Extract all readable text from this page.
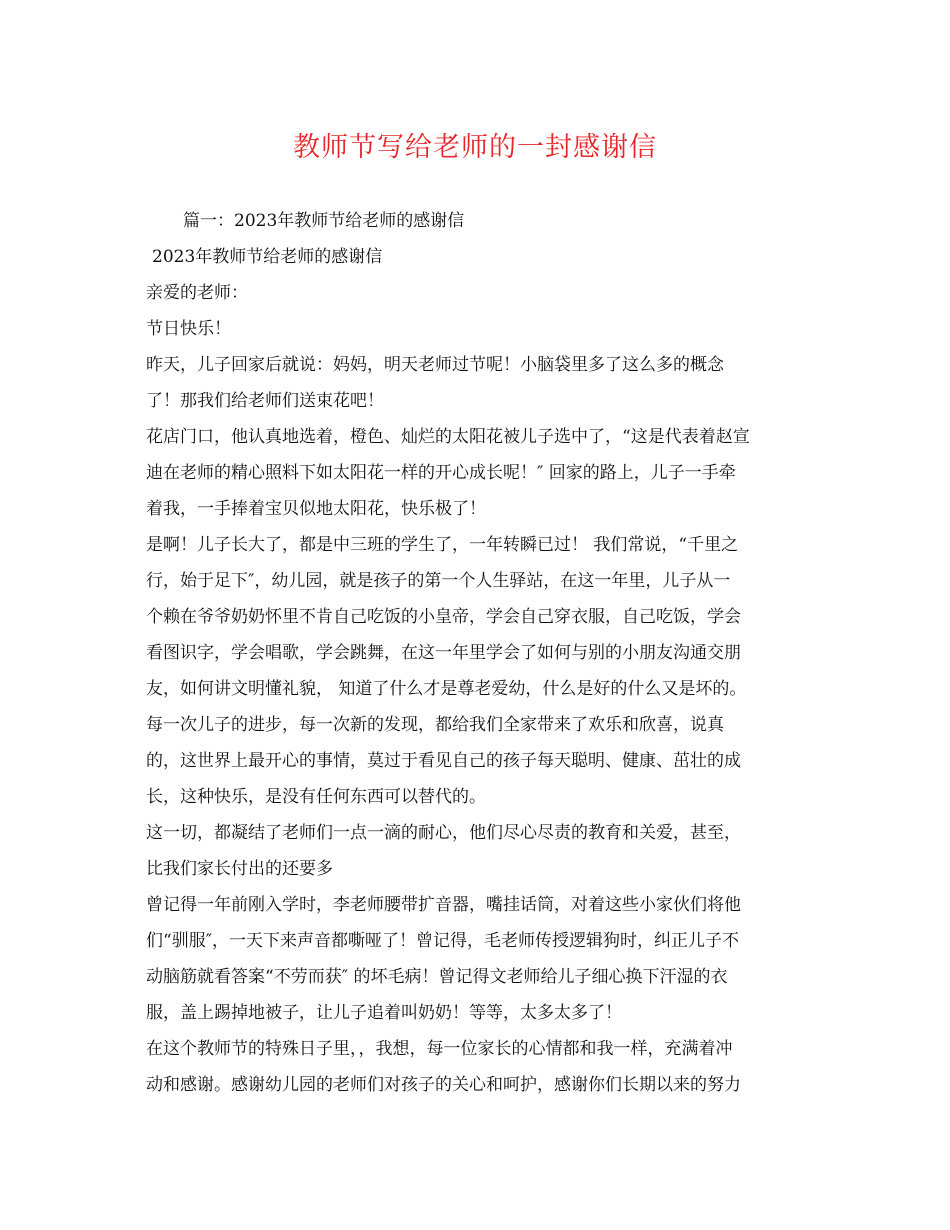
教师节写给老师的一封感谢信
篇一：2023年教师节给老师的感谢信
2023年教师节给老师的感谢信
亲爱的老师：
节日快乐！
昨天，儿子回家后就说：妈妈，明天老师过节呢！小脑袋里多了这么多的概念
了！那我们给老师们送束花吧！
花店门口，他认真地选着，橙色、灿烂的太阳花被儿子选中了，“这是代表着赵宣
迪在老师的精心照料下如太阳花一样的开心成长呢！″ 回家的路上，儿子一手牵
着我，一手捧着宝贝似地太阳花，快乐极了！
是啊！儿子长大了，都是中三班的学生了，一年转瞬已过！ 我们常说，“千里之
行，始于足下″，幼儿园，就是孩子的第一个人生驿站，在这一年里，儿子从一
个赖在爷爷奶奶怀里不肯自己吃饭的小皇帝，学会自己穿衣服，自己吃饭，学会
看图识字，学会唱歌，学会跳舞，在这一年里学会了如何与别的小朋友沟通交朋
友，如何讲文明懂礼貌， 知道了什么才是尊老爱幼，什么是好的什么又是坏的。
每一次儿子的进步，每一次新的发现，都给我们全家带来了欢乐和欣喜，说真
的，这世界上最开心的事情，莫过于看见自己的孩子每天聪明、健康、茁壮的成
长，这种快乐，是没有任何东西可以替代的。
这一切，都凝结了老师们一点一滴的耐心，他们尽心尽责的教育和关爱，甚至，
比我们家长付出的还要多
曾记得一年前刚入学时，李老师腰带扩音器，嘴挂话筒，对着这些小家伙们将他
们“驯服″，一天下来声音都嘶哑了！曾记得，毛老师传授逻辑狗时，纠正儿子不
动脑筋就看答案“不劳而获″ 的坏毛病！曾记得文老师给儿子细心换下汗湿的衣
服，盖上踢掉地被子，让儿子追着叫奶奶！等等，太多太多了！
在这个教师节的特殊日子里，，我想，每一位家长的心情都和我一样，充满着冲
动和感谢。感谢幼儿园的老师们对孩子的关心和呵护，感谢你们长期以来的努力
